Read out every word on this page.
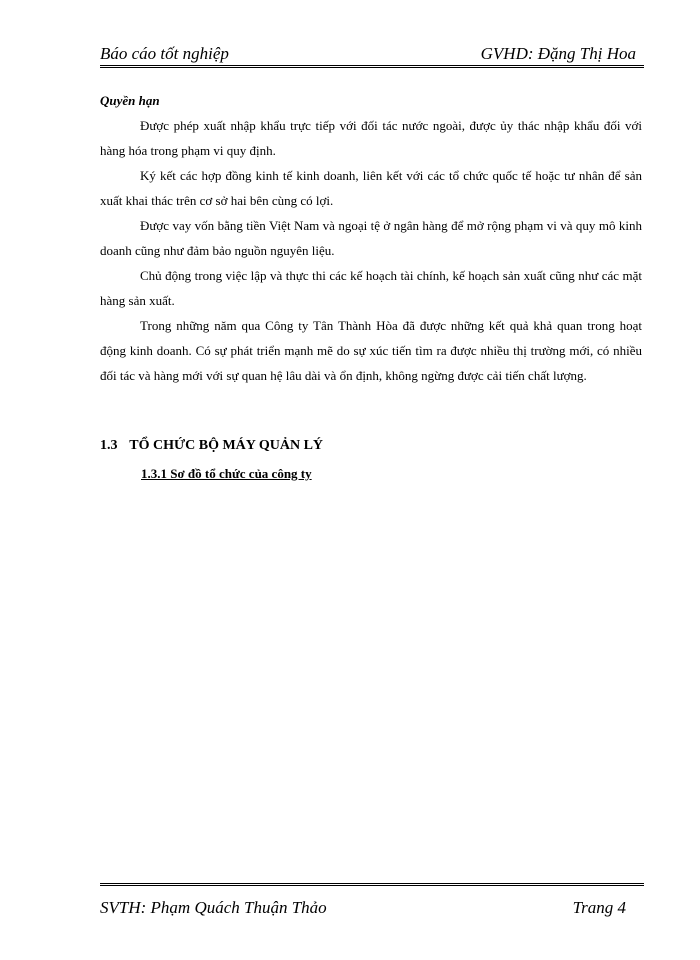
Báo cáo tốt nghiệp	GVHD: Đặng Thị Hoa

Quyền hạn

Được phép xuất nhập khẩu trực tiếp với đối tác nước ngoài, được ủy thác nhập khẩu đối với hàng hóa trong phạm vi quy định.

Ký kết các hợp đồng kinh tế kinh doanh, liên kết với các tổ chức quốc tế hoặc tư nhân để sản xuất khai thác trên cơ sở hai bên cùng có lợi.

Được vay vốn bằng tiền Việt Nam và ngoại tệ ở ngân hàng để mở rộng phạm vi và quy mô kinh doanh cũng như đảm bảo nguồn nguyên liệu.

Chủ động trong việc lập và thực thi các kế hoạch tài chính, kế hoạch sản xuất cũng như các mặt hàng sản xuất.

Trong những năm qua Công ty Tân Thành Hòa đã được những kết quả khả quan trong hoạt động kinh doanh. Có sự phát triển mạnh mẽ do sự xúc tiến tìm ra được nhiều thị trường mới, có nhiều đối tác và hàng mới với sự quan hệ lâu dài và ổn định, không ngừng được cải tiến chất lượng.

1.3 TỔ CHỨC BỘ MÁY QUẢN LÝ
1.3.1 Sơ đồ tổ chức của công ty
SVTH: Phạm Quách Thuận Thảo	Trang 4
